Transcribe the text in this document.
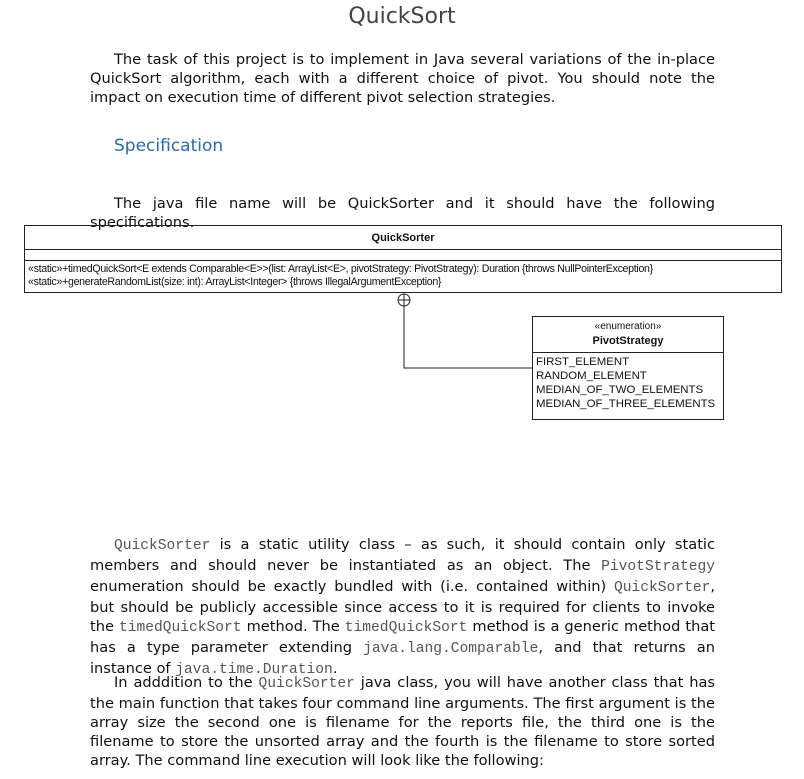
QuickSort
The task of this project is to implement in Java several variations of the in-place QuickSort algorithm, each with a different choice of pivot. You should note the impact on execution time of different pivot selection strategies.
Specification
The java file name will be QuickSorter and it should have the following specifications.
QuickSorter
«static»+timedQuickSort<E extends Comparable<E>>(list: ArrayList<E>, pivotStrategy: PivotStrategy): Duration {throws NullPointerException}
«static»+generateRandomList(size: int): ArrayList<Integer> {throws IllegalArgumentException}
«enumeration»
PivotStrategy
FIRST_ELEMENT
RANDOM_ELEMENT
MEDIAN_OF_TWO_ELEMENTS
MEDIAN_OF_THREE_ELEMENTS
QuickSorter is a static utility class – as such, it should contain only static members and should never be instantiated as an object. The PivotStrategy enumeration should be exactly bundled with (i.e. contained within) QuickSorter, but should be publicly accessible since access to it is required for clients to invoke the timedQuickSort method. The timedQuickSort method is a generic method that has a type parameter extending java.lang.Comparable, and that returns an instance of java.time.Duration.
In adddition to the QuickSorter java class, you will have another class that has the main function that takes four command line arguments. The first argument is the array size the second one is filename for the reports file, the third one is the filename to store the unsorted array and the fourth is the filename to store sorted array. The command line execution will look like the following:
